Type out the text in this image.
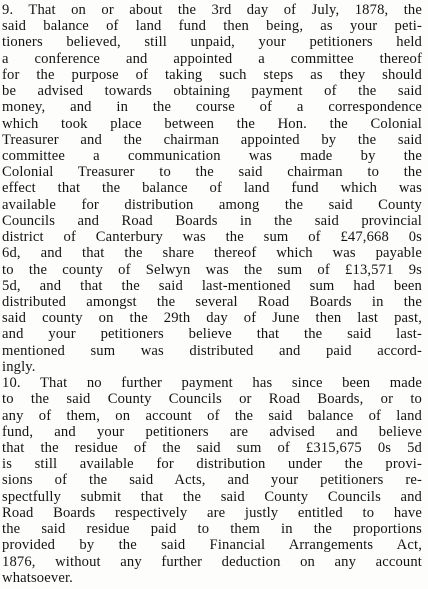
9. That on or about the 3rd day of July, 1878, the
said balance of land fund then being, as your peti-
tioners believed, still unpaid, your petitioners held
a conference and appointed a committee thereof
for the purpose of taking such steps as they should
be advised towards obtaining payment of the said
money, and in the course of a correspondence
which took place between the Hon. the Colonial
Treasurer and the chairman appointed by the said
committee a communication was made by the
Colonial Treasurer to the said chairman to the
effect that the balance of land fund which was
available for distribution among the said County
Councils and Road Boards in the said provincial
district of Canterbury was the sum of £47,668 0s
6d, and that the share thereof which was payable
to the county of Selwyn was the sum of £13,571 9s
5d, and that the said last-mentioned sum had been
distributed amongst the several Road Boards in the
said county on the 29th day of June then last past,
and your petitioners believe that the said last-
mentioned sum was distributed and paid accord-
ingly.
10. That no further payment has since been made
to the said County Councils or Road Boards, or to
any of them, on account of the said balance of land
fund, and your petitioners are advised and believe
that the residue of the said sum of £315,675 0s 5d
is still available for distribution under the provi-
sions of the said Acts, and your petitioners re-
spectfully submit that the said County Councils and
Road Boards respectively are justly entitled to have
the said residue paid to them in the proportions
provided by the said Financial Arrangements Act,
1876, without any further deduction on any account
whatsoever.
